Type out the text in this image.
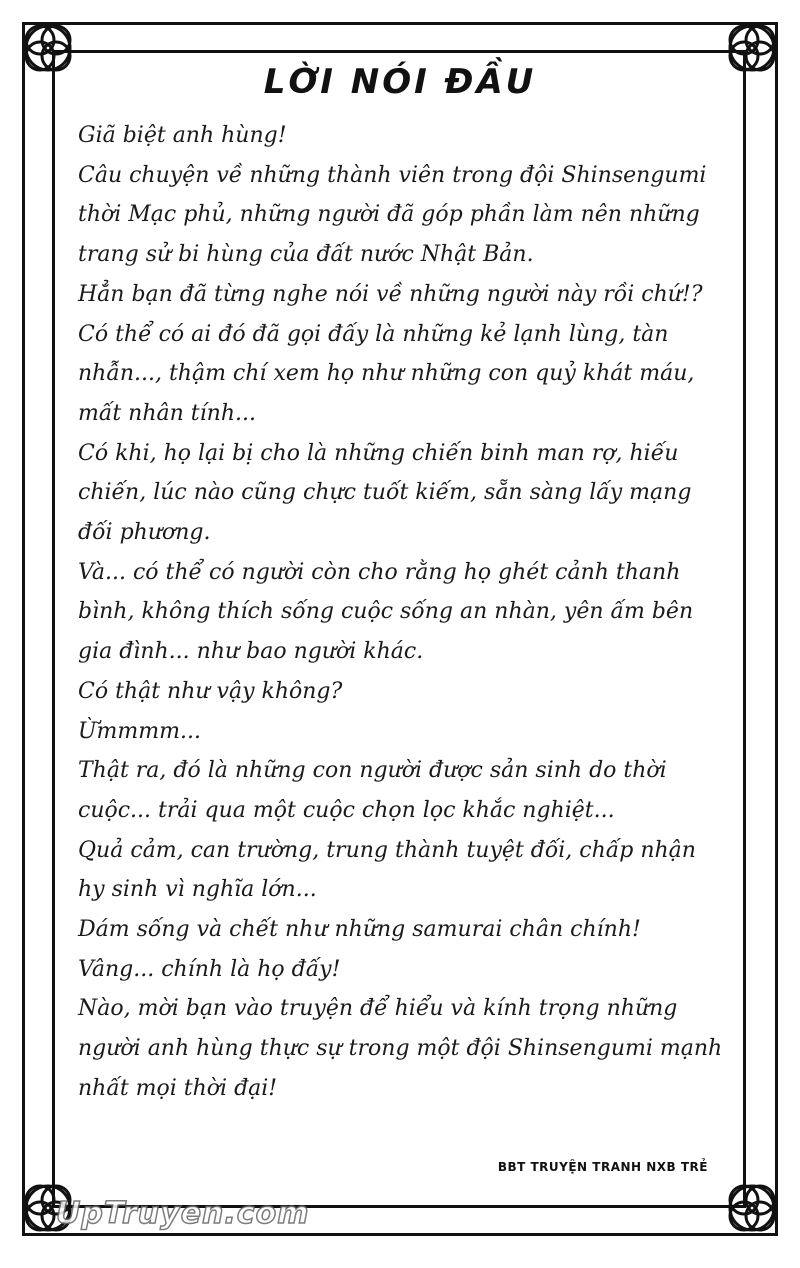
LỜI NÓI ĐẦU
Giã biệt anh hùng!
Câu chuyện về những thành viên trong đội Shinsengumi
thời Mạc phủ, những người đã góp phần làm nên những
trang sử bi hùng của đất nước Nhật Bản.
Hẳn bạn đã từng nghe nói về những người này rồi chứ!?
Có thể có ai đó đã gọi đấy là những kẻ lạnh lùng, tàn
nhẫn..., thậm chí xem họ như những con quỷ khát máu,
mất nhân tính...
Có khi, họ lại bị cho là những chiến binh man rợ, hiếu
chiến, lúc nào cũng chực tuốt kiếm, sẵn sàng lấy mạng
đối phương.
Và... có thể có người còn cho rằng họ ghét cảnh thanh
bình, không thích sống cuộc sống an nhàn, yên ấm bên
gia đình... như bao người khác.
Có thật như vậy không?
Ừmmmm...
Thật ra, đó là những con người được sản sinh do thời
cuộc... trải qua một cuộc chọn lọc khắc nghiệt...
Quả cảm, can trường, trung thành tuyệt đối, chấp nhận
hy sinh vì nghĩa lớn...
Dám sống và chết như những samurai chân chính!
Vâng... chính là họ đấy!
Nào, mời bạn vào truyện để hiểu và kính trọng những
người anh hùng thực sự trong một đội Shinsengumi mạnh
nhất mọi thời đại!
BBT TRUYỆN TRANH NXB TRẺ
UpTruyen.com
